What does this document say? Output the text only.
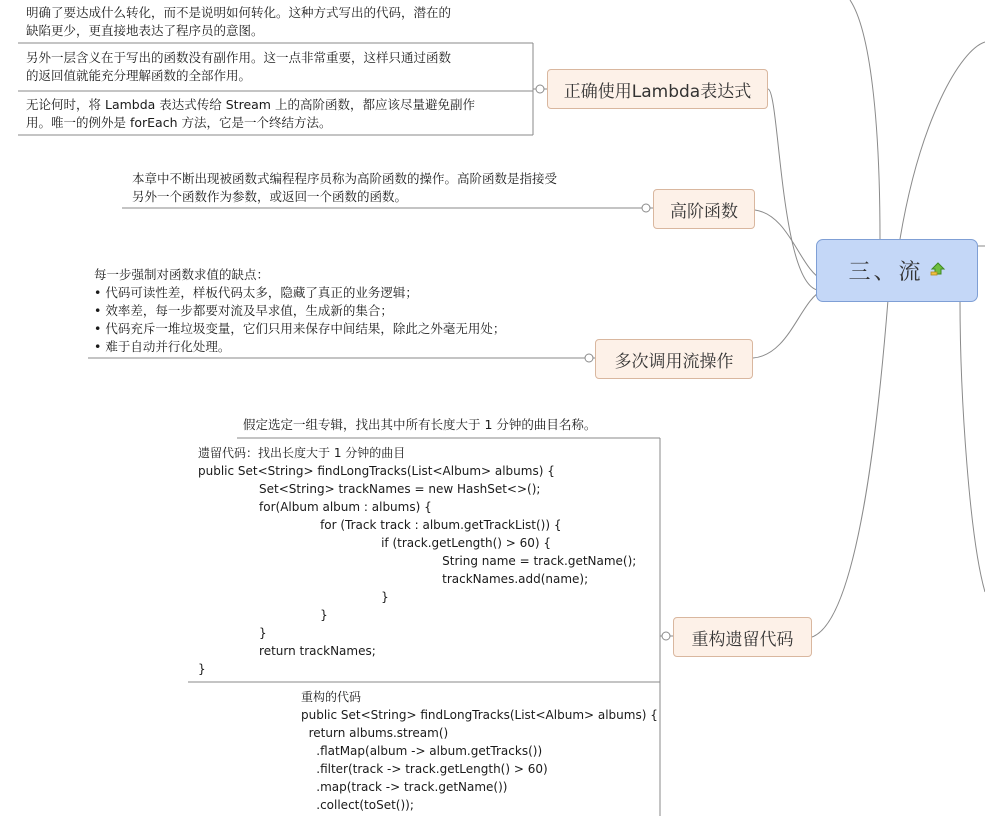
明确了要达成什么转化，而不是说明如何转化。这种方式写出的代码，潜在的
缺陷更少，更直接地表达了程序员的意图。
另外一层含义在于写出的函数没有副作用。这一点非常重要，这样只通过函数
的返回值就能充分理解函数的全部作用。
无论何时，将 Lambda 表达式传给 Stream 上的高阶函数，都应该尽量避免副作
用。唯一的例外是 forEach 方法，它是一个终结方法。
正确使用Lambda表达式
本章中不断出现被函数式编程程序员称为高阶函数的操作。高阶函数是指接受
另外一个函数作为参数，或返回一个函数的函数。
高阶函数
三、流
每一步强制对函数求值的缺点：
• 代码可读性差，样板代码太多，隐藏了真正的业务逻辑；
• 效率差，每一步都要对流及早求值，生成新的集合；
• 代码充斥一堆垃圾变量，它们只用来保存中间结果，除此之外毫无用处；
• 难于自动并行化处理。
多次调用流操作
假定选定一组专辑，找出其中所有长度大于 1 分钟的曲目名称。
遗留代码：找出长度大于 1 分钟的曲目
public Set<String> findLongTracks(List<Album> albums) {
Set<String> trackNames = new HashSet<>();
for(Album album : albums) {
for (Track track : album.getTrackList()) {
if (track.getLength() > 60) {
String name = track.getName();
trackNames.add(name);
}
}
}
return trackNames;
}
重构遗留代码
重构的代码
public Set<String> findLongTracks(List<Album> albums) {
return albums.stream()
.flatMap(album -> album.getTracks())
.filter(track -> track.getLength() > 60)
.map(track -> track.getName())
.collect(toSet());
